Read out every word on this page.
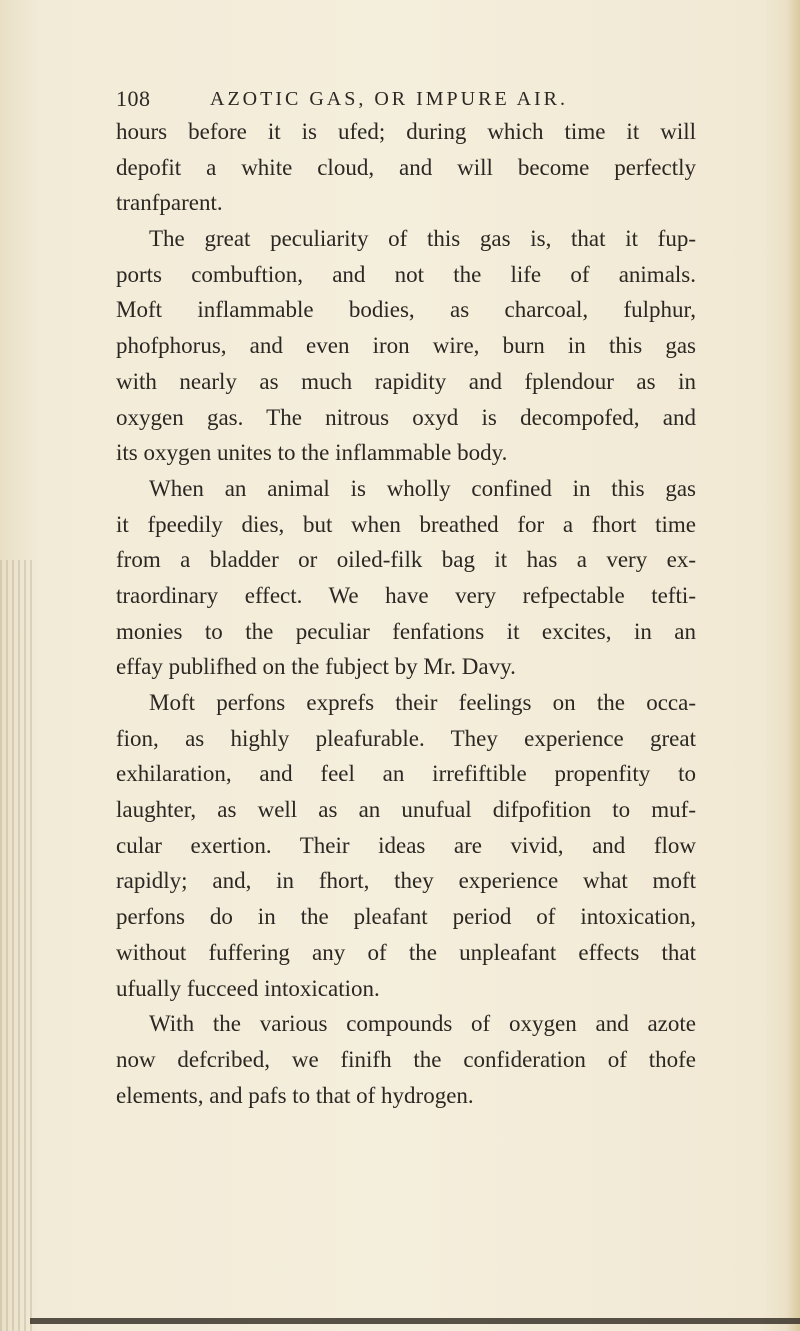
108	AZOTIC GAS, OR IMPURE AIR.
hours before it is ufed; during which time it will
depofit a white cloud, and will become perfectly
tranfparent.
The great peculiarity of this gas is, that it fup-
ports combuftion, and not the life of animals.
Moft inflammable bodies, as charcoal, fulphur,
phofphorus, and even iron wire, burn in this gas
with nearly as much rapidity and fplendour as in
oxygen gas. The nitrous oxyd is decompofed, and
its oxygen unites to the inflammable body.
When an animal is wholly confined in this gas
it fpeedily dies, but when breathed for a fhort time
from a bladder or oiled-filk bag it has a very ex-
traordinary effect. We have very refpectable tefti-
monies to the peculiar fenfations it excites, in an
effay publifhed on the fubject by Mr. Davy.
Moft perfons exprefs their feelings on the occa-
fion, as highly pleafurable. They experience great
exhilaration, and feel an irrefiftible propenfity to
laughter, as well as an unufual difpofition to muf-
cular exertion. Their ideas are vivid, and flow
rapidly; and, in fhort, they experience what moft
perfons do in the pleafant period of intoxication,
without fuffering any of the unpleafant effects that
ufually fucceed intoxication.
With the various compounds of oxygen and azote
now defcribed, we finifh the confideration of thofe
elements, and pafs to that of hydrogen.
